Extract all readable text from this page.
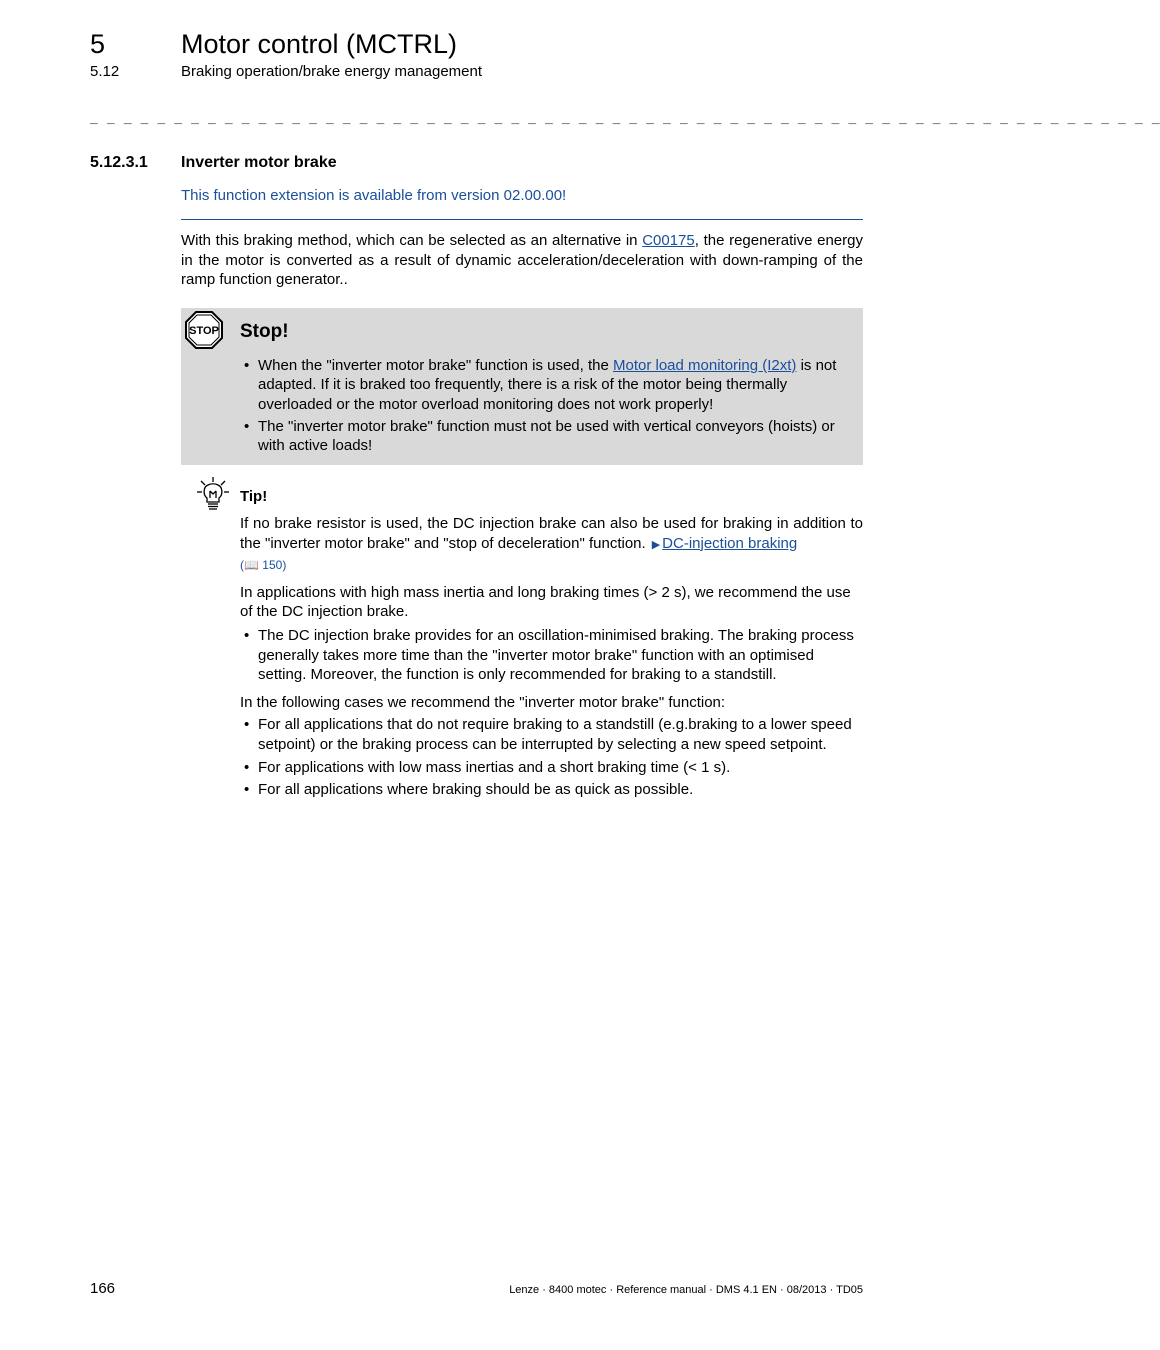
5	Motor control (MCTRL)
5.12	Braking operation/brake energy management
_ _ _ _ _ _ _ _ _ _ _ _ _ _ _ _ _ _ _ _ _ _ _ _ _ _ _ _ _ _ _ _ _ _ _ _ _ _ _ _ _ _ _ _ _ _ _ _ _ _ _ _ _ _ _ _ _ _ _ _ _ _ _ _
5.12.3.1 Inverter motor brake
This function extension is available from version 02.00.00!
With this braking method, which can be selected as an alternative in C00175, the regenerative energy in the motor is converted as a result of dynamic acceleration/deceleration with down-ramping of the ramp function generator..
STOP Stop!
• When the "inverter motor brake" function is used, the Motor load monitoring (I2xt) is not adapted. If it is braked too frequently, there is a risk of the motor being thermally overloaded or the motor overload monitoring does not work properly!
• The "inverter motor brake" function must not be used with vertical conveyors (hoists) or with active loads!
Tip!

If no brake resistor is used, the DC injection brake can also be used for braking in addition to the "inverter motor brake" and "stop of deceleration" function. ▶ DC-injection braking
(📖 150)

In applications with high mass inertia and long braking times (> 2 s), we recommend the use of the DC injection brake.

• The DC injection brake provides for an oscillation-minimised braking. The braking process generally takes more time than the "inverter motor brake" function with an optimised setting. Moreover, the function is only recommended for braking to a standstill.

In the following cases we recommend the "inverter motor brake" function:

• For all applications that do not require braking to a standstill (e.g.braking to a lower speed setpoint) or the braking process can be interrupted by selecting a new speed setpoint.
• For applications with low mass inertias and a short braking time (< 1 s).
• For all applications where braking should be as quick as possible.
166	Lenze · 8400 motec · Reference manual · DMS 4.1 EN · 08/2013 · TD05
